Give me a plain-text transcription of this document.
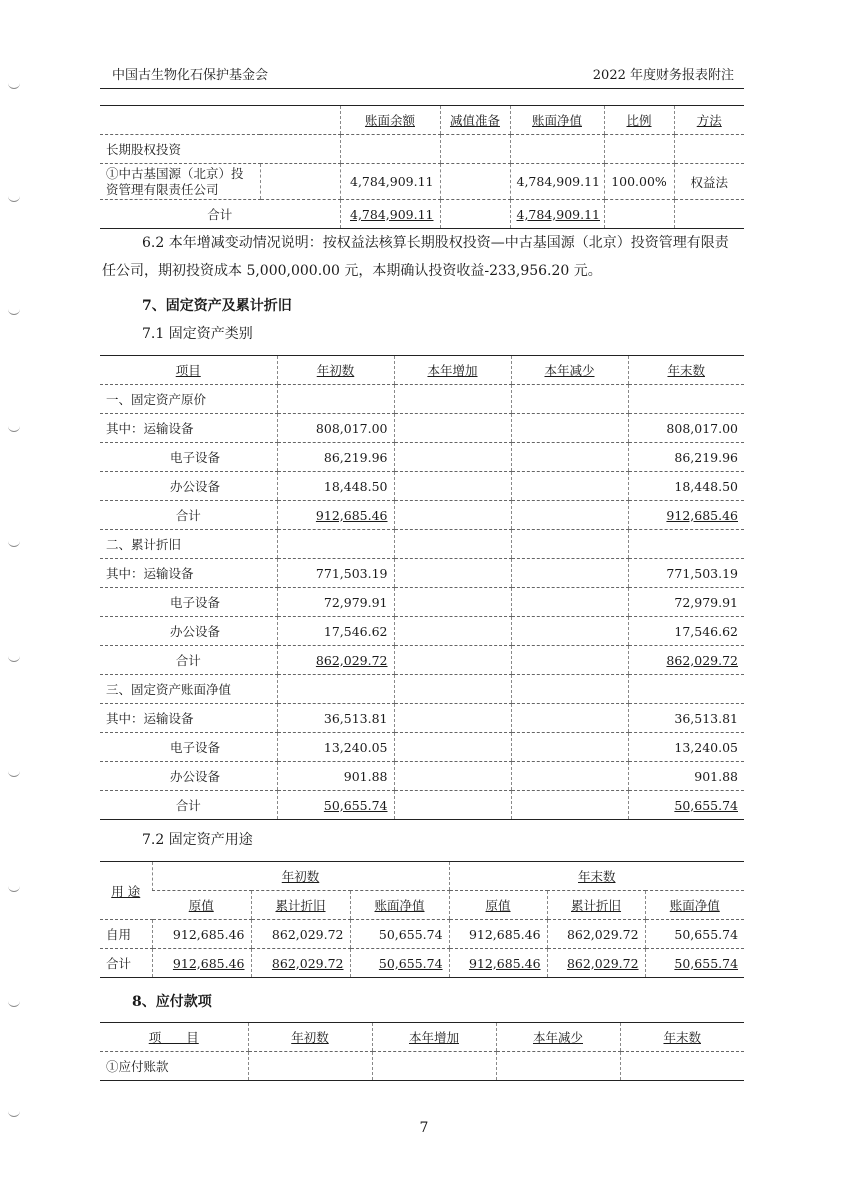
中国古生物化石保护基金会	2022 年度财务报表附注
		账面余额	减值准备	账面净值	比例	方法
长期股权投资						
①中古基国源（北京）投资管理有限责任公司		4,784,909.11		4,784,909.11	100.00%	权益法
合计		4,784,909.11		4,784,909.11		

6.2 本年增减变动情况说明：按权益法核算长期股权投资—中古基国源（北京）投资管理有限责任公司，期初投资成本 5,000,000.00 元，本期确认投资收益-233,956.20 元。

7、固定资产及累计折旧

7.1 固定资产类别

项目	年初数	本年增加	本年减少	年末数
一、固定资产原价				
其中：运输设备	808,017.00			808,017.00
电子设备	86,219.96			86,219.96
办公设备	18,448.50			18,448.50
合计	912,685.46			912,685.46
二、累计折旧				
其中：运输设备	771,503.19			771,503.19
电子设备	72,979.91			72,979.91
办公设备	17,546.62			17,546.62
合计	862,029.72			862,029.72
三、固定资产账面净值				
其中：运输设备	36,513.81			36,513.81
电子设备	13,240.05			13,240.05
办公设备	901.88			901.88
合计	50,655.74			50,655.74

7.2 固定资产用途

用 途	年初数			年末数		
	原值	累计折旧	账面净值	原值	累计折旧	账面净值
自用	912,685.46	862,029.72	50,655.74	912,685.46	862,029.72	50,655.74
合计	912,685.46	862,029.72	50,655.74	912,685.46	862,029.72	50,655.74

8、应付款项

项　　目	年初数	本年增加	本年减少	年末数
①应付账款				
7
